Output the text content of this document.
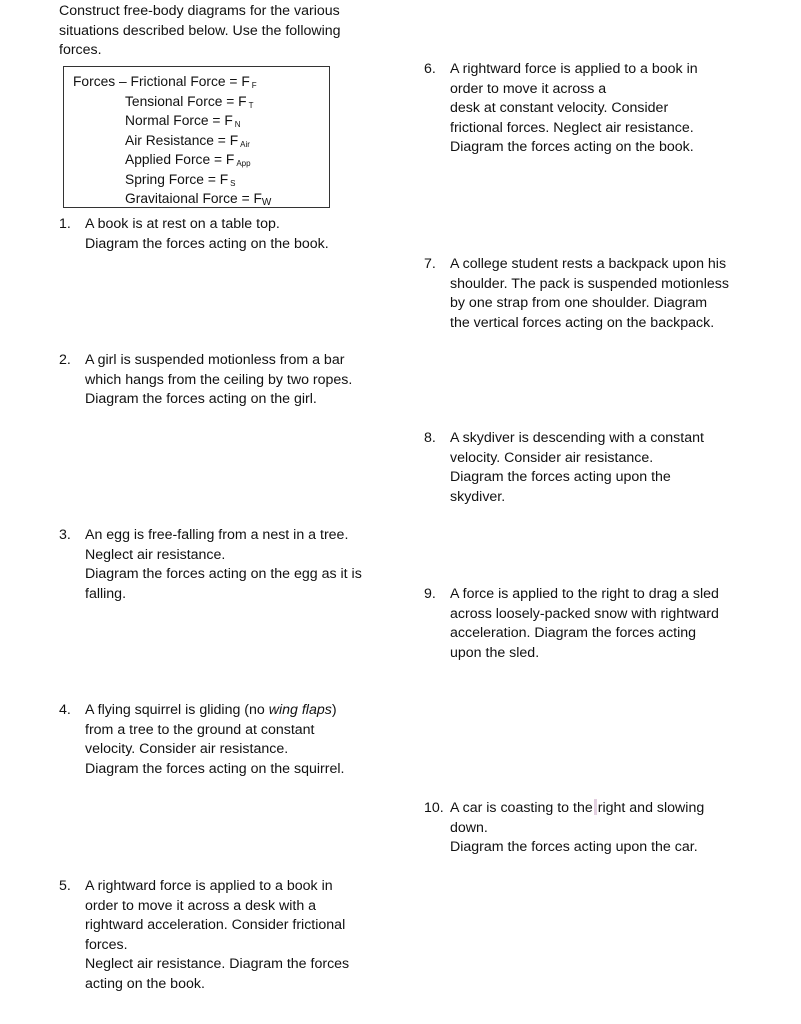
Construct free-body diagrams for the various
situations described below. Use the following
forces.
Forces – Frictional Force = F $_F$
Tensional Force = F $_T$
Normal Force = F $_N$
Air Resistance = F $_{Air}$
Applied Force = F $_{App}$
Spring Force = F $_S$
Gravitaional Force = $F_W$
1. A book is at rest on a table top.
Diagram the forces acting on the book.
2. A girl is suspended motionless from a bar
which hangs from the ceiling by two ropes.
Diagram the forces acting on the girl.
3. An egg is free-falling from a nest in a tree.
Neglect air resistance.
Diagram the forces acting on the egg as it is
falling.
4. A flying squirrel is gliding (no wing flaps)
from a tree to the ground at constant
velocity. Consider air resistance.
Diagram the forces acting on the squirrel.
5. A rightward force is applied to a book in
order to move it across a desk with a
rightward acceleration. Consider frictional
forces.
Neglect air resistance. Diagram the forces
acting on the book.
6. A rightward force is applied to a book in
order to move it across a
desk at constant velocity. Consider
frictional forces. Neglect air resistance.
Diagram the forces acting on the book.
7. A college student rests a backpack upon his
shoulder. The pack is suspended motionless
by one strap from one shoulder. Diagram
the vertical forces acting on the backpack.
8. A skydiver is descending with a constant
velocity. Consider air resistance.
Diagram the forces acting upon the
skydiver.
9. A force is applied to the right to drag a sled
across loosely-packed snow with rightward
acceleration. Diagram the forces acting
upon the sled.
10. A car is coasting to the right and slowing
down.
Diagram the forces acting upon the car.
